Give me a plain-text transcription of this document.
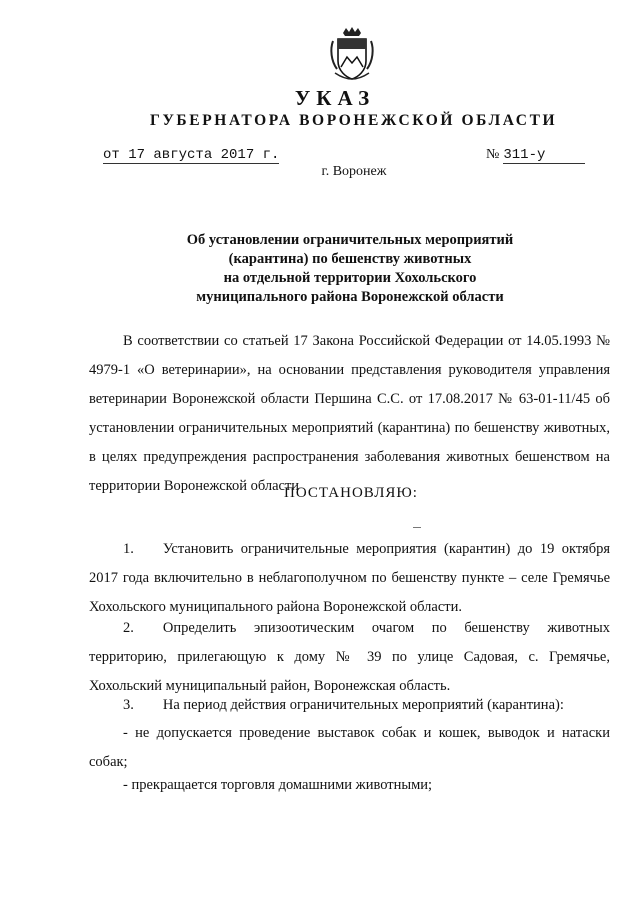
УКАЗ
ГУБЕРНАТОРА ВОРОНЕЖСКОЙ ОБЛАСТИ
от 17 августа 2017 г.	№ 311-у
г. Воронеж
Об установлении ограничительных мероприятий
(карантина) по бешенству животных
на отдельной территории Хохольского
муниципального района Воронежской области

В соответствии со статьей 17 Закона Российской Федерации от 14.05.1993 № 4979-1 «О ветеринарии», на основании представления руководителя управления ветеринарии Воронежской области Першина С.С. от 17.08.2017 № 63-01-11/45 об установлении ограничительных мероприятий (карантина) по бешенству животных, в целях предупреждения распространения заболевания животных бешенством на территории Воронежской области

ПОСТАНОВЛЯЮ:

1.  Установить ограничительные мероприятия (карантин) до 19 октября 2017 года включительно в неблагополучном по бешенству пункте – селе Гремячье Хохольского муниципального района Воронежской области.

2.  Определить эпизоотическим очагом по бешенству животных территорию, прилегающую к дому № 39 по улице Садовая, с. Гремячье, Хохольский муниципальный район, Воронежская область.

3.  На период действия ограничительных мероприятий (карантина):

- не допускается проведение выставок собак и кошек, выводок и натаски собак;

- прекращается торговля домашними животными;
